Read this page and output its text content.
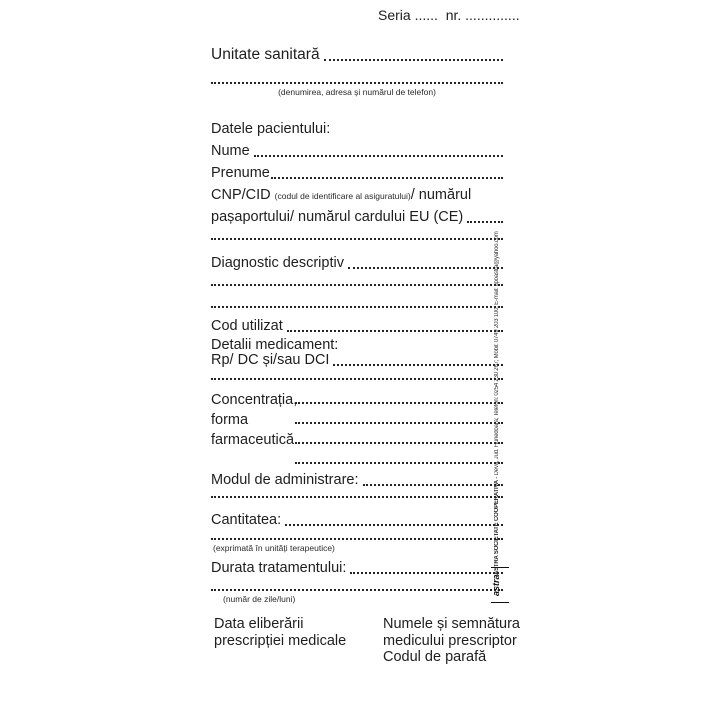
Seria ......  nr. ..............
Unitate sanitară
(denumirea, adresa și numărul de telefon)
Datele pacientului:
Nume
Prenume
CNP/CID (codul de identificare al asiguratului)/ numărul
pașaportului/ numărul cardului EU (CE)
Diagnostic descriptiv
Cod utilizat
Detalii medicament:
Rp/ DC și/sau DCI
Concentrația,
forma
farmaceutică
Modul de administrare:
Cantitatea:
(exprimată în unități terapeutice)
Durata tratamentului:
(număr de zile/luni)
Data eliberării
prescripției medicale
Numele și semnătura
medicului prescriptor
Codul de parafă
ASTRA SOCIETATE COOPERATIVA - Deva, Jud. Hunedoara; Telefon: 0254 230 267; Mobil: 0749 203 100; E-mail: tipoastra@yahoo.com
astra
